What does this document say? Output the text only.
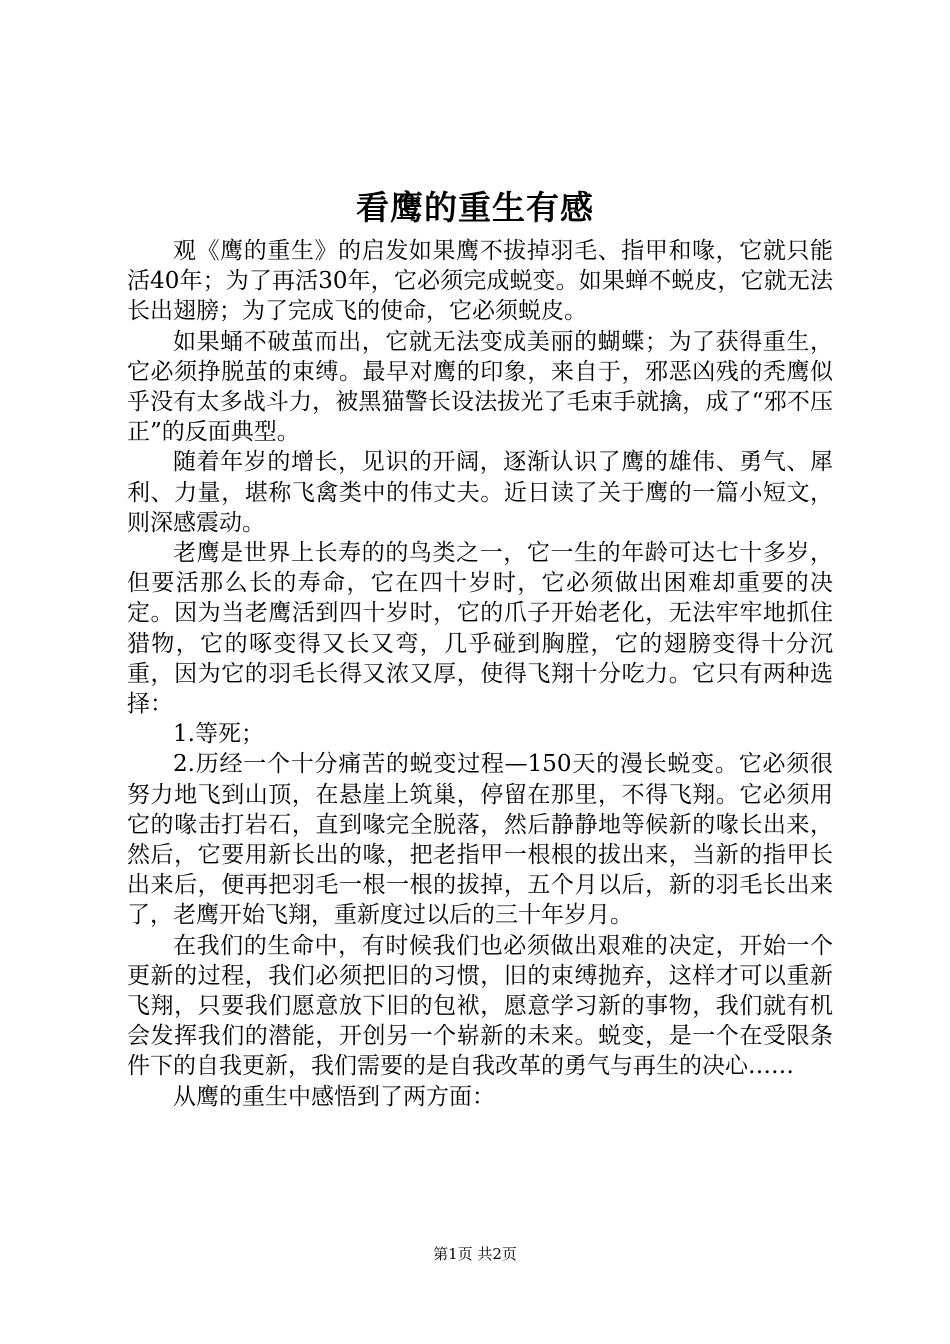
看鹰的重生有感

观《鹰的重生》的启发如果鹰不拔掉羽毛、指甲和喙，它就只能活40年；为了再活30年，它必须完成蜕变。如果蝉不蜕皮，它就无法长出翅膀；为了完成飞的使命，它必须蜕皮。

如果蛹不破茧而出，它就无法变成美丽的蝴蝶；为了获得重生，它必须挣脱茧的束缚。最早对鹰的印象，来自于，邪恶凶残的秃鹰似乎没有太多战斗力，被黑猫警长设法拔光了毛束手就擒，成了“邪不压正”的反面典型。

随着年岁的增长，见识的开阔，逐渐认识了鹰的雄伟、勇气、犀利、力量，堪称飞禽类中的伟丈夫。近日读了关于鹰的一篇小短文，则深感震动。

老鹰是世界上长寿的的鸟类之一，它一生的年龄可达七十多岁，但要活那么长的寿命，它在四十岁时，它必须做出困难却重要的决定。因为当老鹰活到四十岁时，它的爪子开始老化，无法牢牢地抓住猎物，它的啄变得又长又弯，几乎碰到胸膛，它的翅膀变得十分沉重，因为它的羽毛长得又浓又厚，使得飞翔十分吃力。它只有两种选择：

1.等死；

2.历经一个十分痛苦的蜕变过程—150天的漫长蜕变。它必须很努力地飞到山顶，在悬崖上筑巢，停留在那里，不得飞翔。它必须用它的喙击打岩石，直到喙完全脱落，然后静静地等候新的喙长出来，然后，它要用新长出的喙，把老指甲一根根的拔出来，当新的指甲长出来后，便再把羽毛一根一根的拔掉，五个月以后，新的羽毛长出来了，老鹰开始飞翔，重新度过以后的三十年岁月。

在我们的生命中，有时候我们也必须做出艰难的决定，开始一个更新的过程，我们必须把旧的习惯，旧的束缚抛弃，这样才可以重新飞翔，只要我们愿意放下旧的包袱，愿意学习新的事物，我们就有机会发挥我们的潜能，开创另一个崭新的未来。蜕变，是一个在受限条件下的自我更新，我们需要的是自我改革的勇气与再生的决心……

从鹰的重生中感悟到了两方面：

第1页 共2页
